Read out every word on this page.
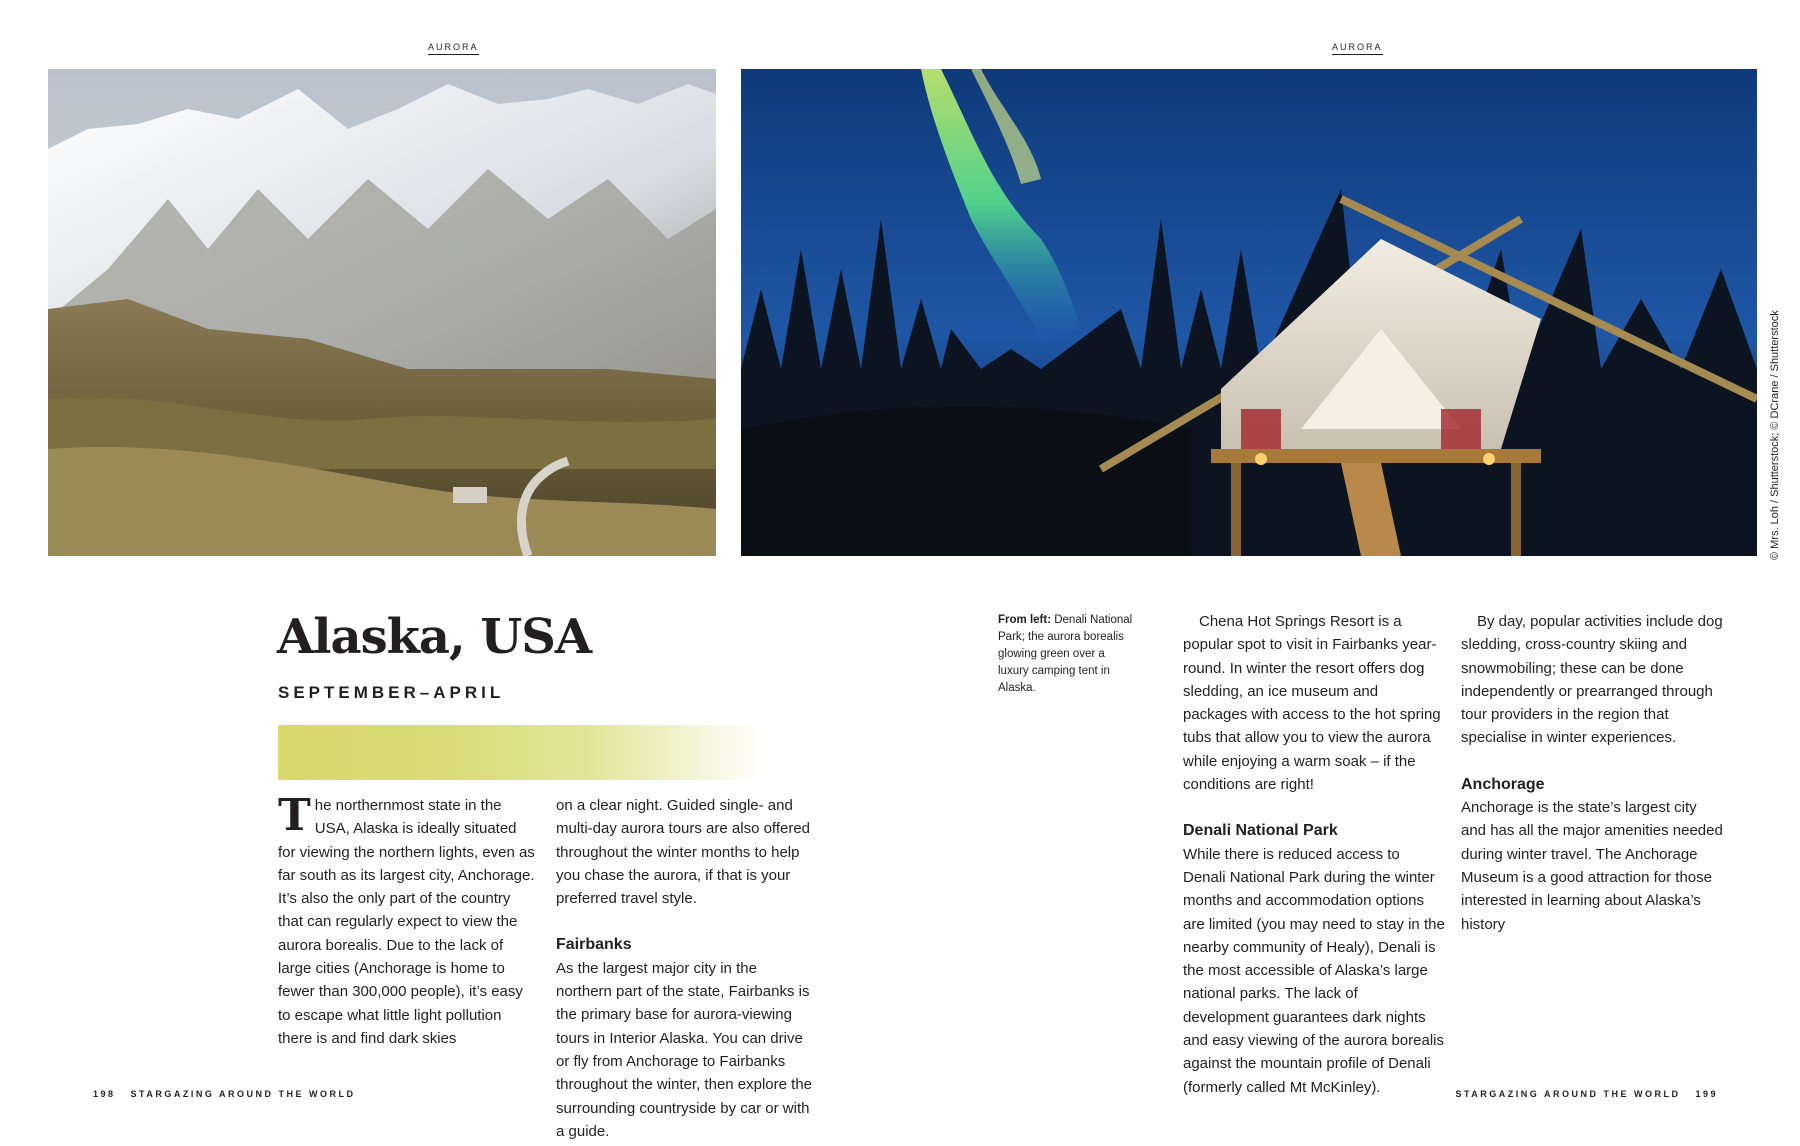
AURORA	AURORA
© Mrs. Loh / Shutterstock; © DCrane / Shutterstock
Alaska, USA
SEPTEMBER–APRIL

The northernmost state in the USA, Alaska is ideally situated for viewing the northern lights, even as far south as its largest city, Anchorage. It’s also the only part of the country that can regularly expect to view the aurora borealis. Due to the lack of large cities (Anchorage is home to fewer than 300,000 people), it’s easy to escape what little light pollution there is and find dark skies

on a clear night. Guided single- and multi-day aurora tours are also offered throughout the winter months to help you chase the aurora, if that is your preferred travel style.

Fairbanks

As the largest major city in the northern part of the state, Fairbanks is the primary base for aurora-viewing tours in Interior Alaska. You can drive or fly from Anchorage to Fairbanks throughout the winter, then explore the surrounding countryside by car or with a guide.

From left: Denali National Park; the aurora borealis glowing green over a luxury camping tent in Alaska.

Chena Hot Springs Resort is a popular spot to visit in Fairbanks year-round. In winter the resort offers dog sledding, an ice museum and packages with access to the hot spring tubs that allow you to view the aurora while enjoying a warm soak – if the conditions are right!

Denali National Park

While there is reduced access to Denali National Park during the winter months and accommodation options are limited (you may need to stay in the nearby community of Healy), Denali is the most accessible of Alaska’s large national parks. The lack of development guarantees dark nights and easy viewing of the aurora borealis against the mountain profile of Denali (formerly called Mt McKinley).

By day, popular activities include dog sledding, cross-country skiing and snowmobiling; these can be done independently or prearranged through tour providers in the region that specialise in winter experiences.

Anchorage

Anchorage is the state’s largest city and has all the major amenities needed during winter travel. The Anchorage Museum is a good attraction for those interested in learning about Alaska’s history

198 STARGAZING AROUND THE WORLD	STARGAZING AROUND THE WORLD 199
